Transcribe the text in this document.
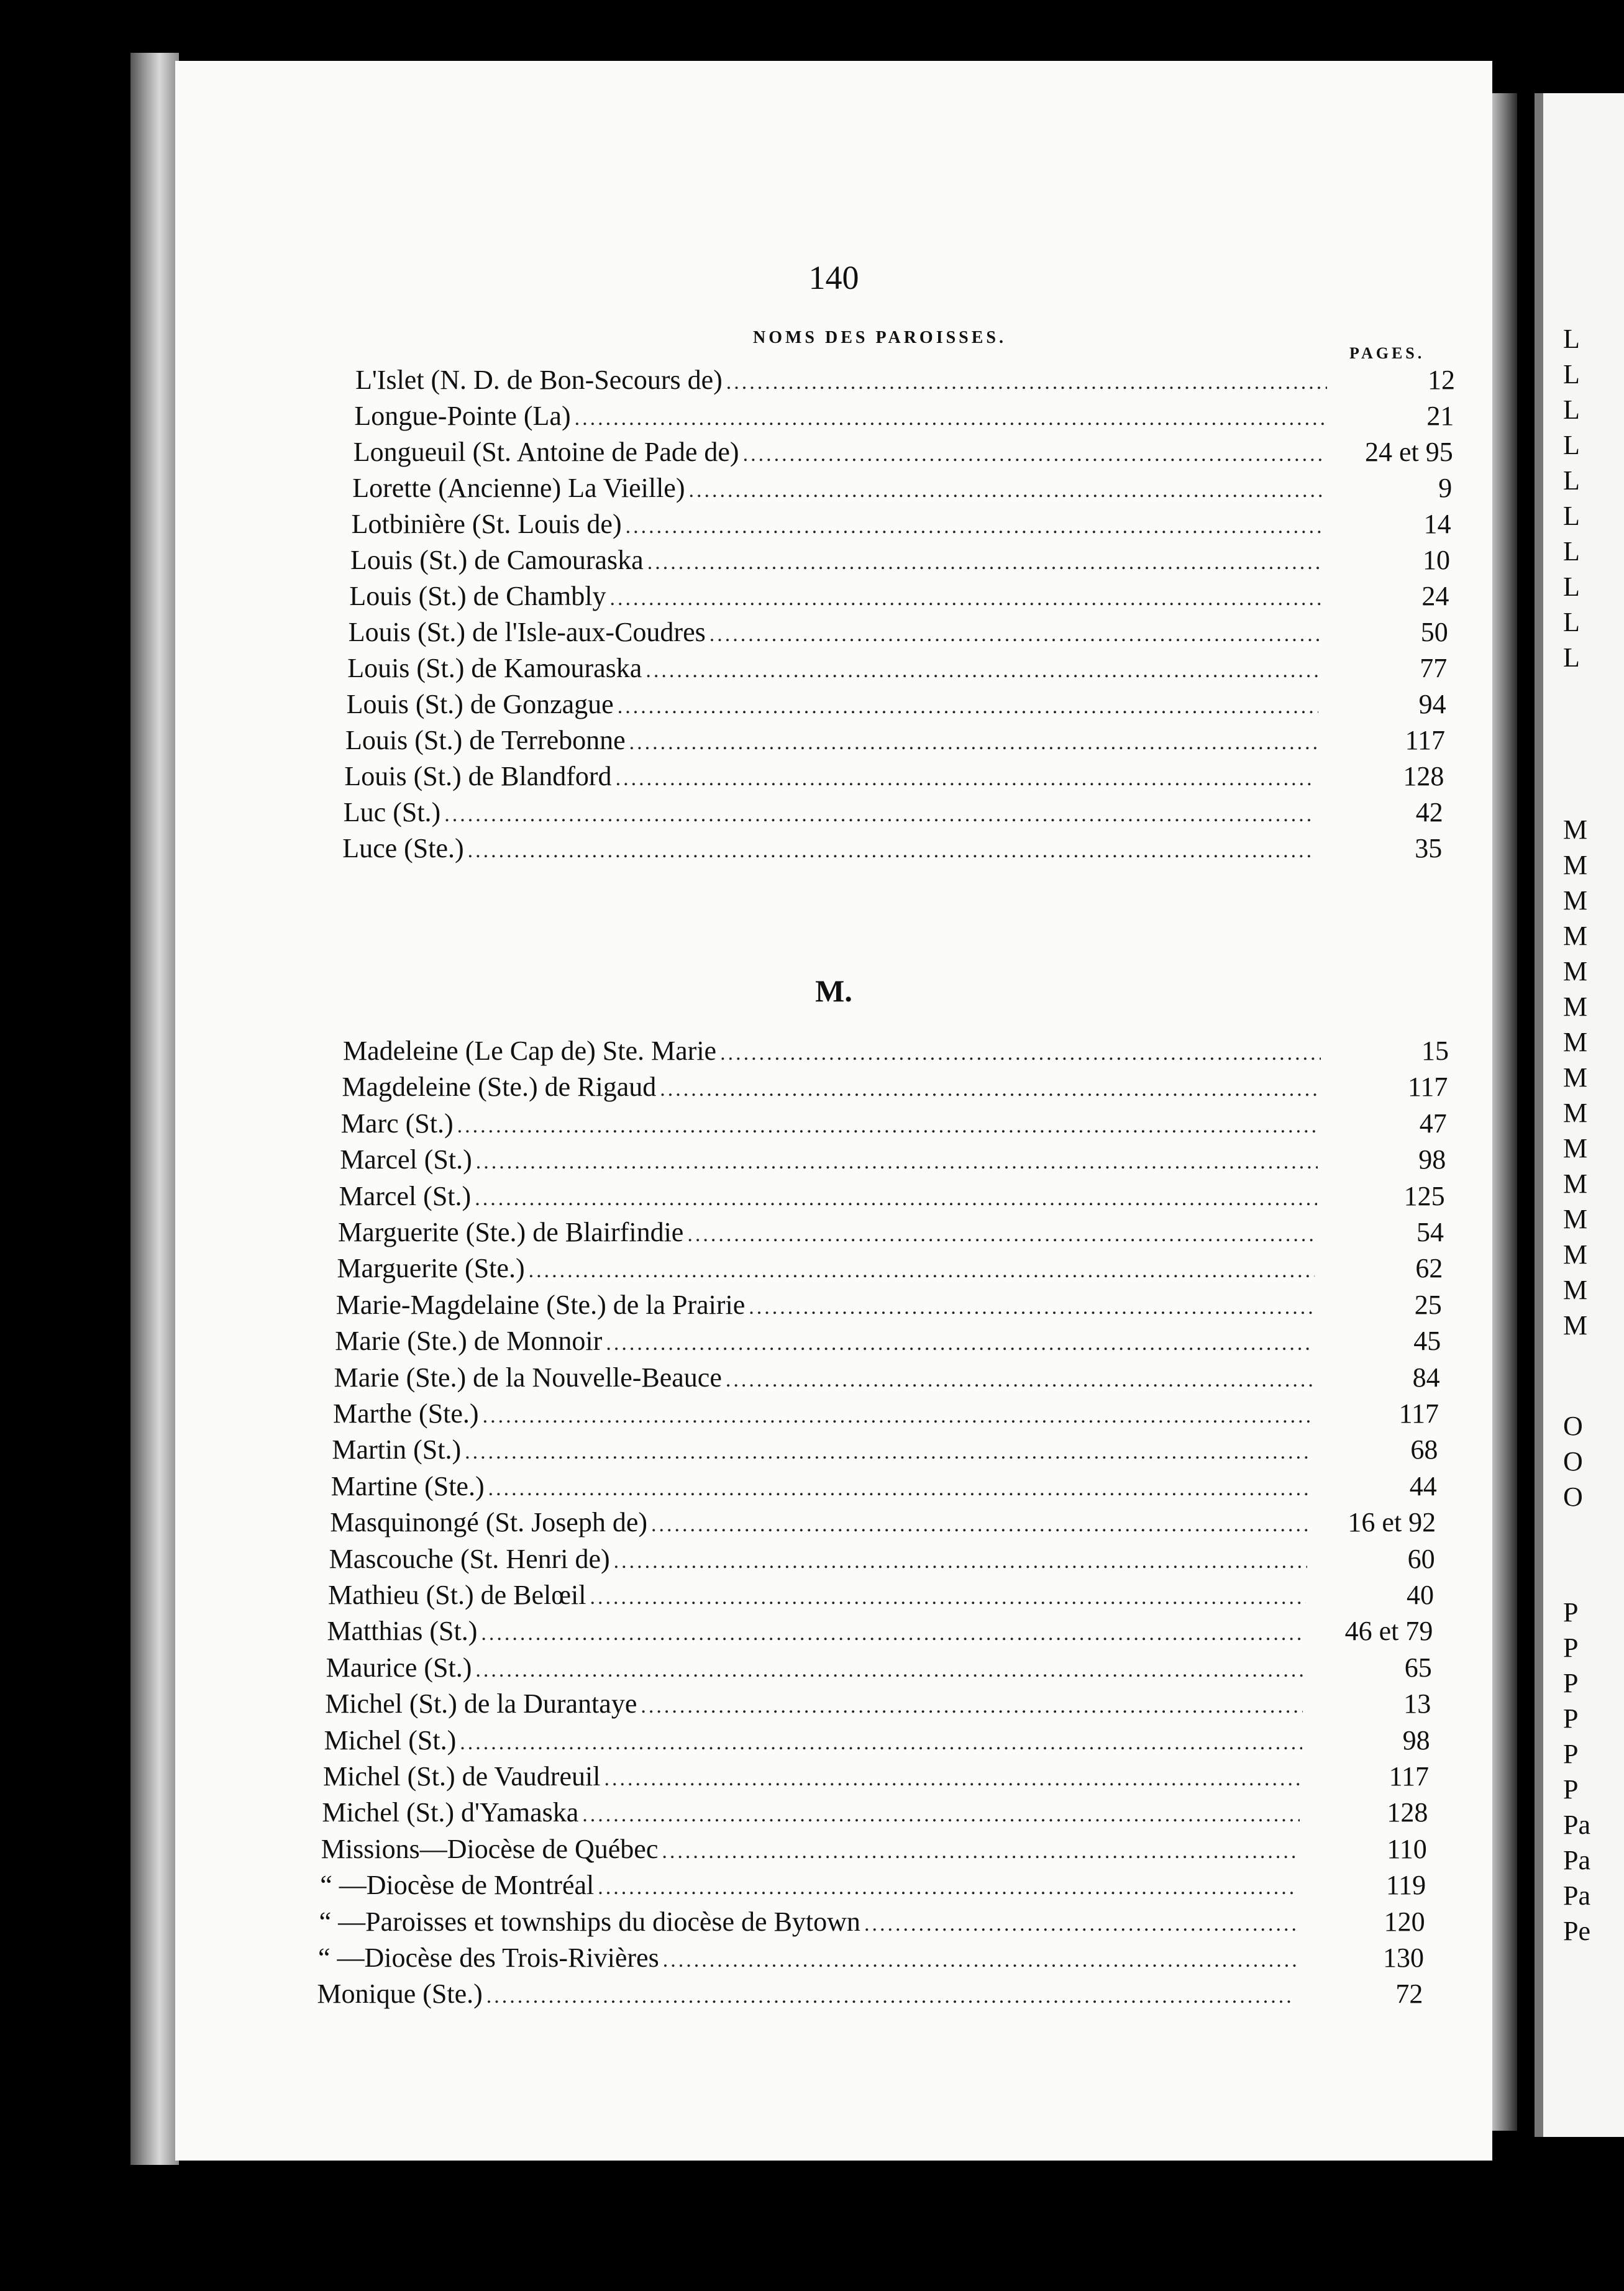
140
NOMS DES PAROISSES.
PAGES.
M.
L'Islet (N. D. de Bon-Secours de) .....	12
Longue-Pointe (La) .....	21
Longueuil (St. Antoine de Pade de) .....	24 et 95
Lorette (Ancienne) La Vieille) .....	9
Lotbinière (St. Louis de) .....	14
Louis (St.) de Camouraska .....	10
Louis (St.) de Chambly .....	24
Louis (St.) de l'Isle-aux-Coudres .....	50
Louis (St.) de Kamouraska .....	77
Louis (St.) de Gonzague .....	94
Louis (St.) de Terrebonne .....	117
Louis (St.) de Blandford .....	128
Luc (St.) .....	42
Luce (Ste.) .....	35
Madeleine (Le Cap de) Ste. Marie .....	15
Magdeleine (Ste.) de Rigaud .....	117
Marc (St.) .....	47
Marcel (St.) .....	98
Marcel (St.) .....	125
Marguerite (Ste.) de Blairfindie .....	54
Marguerite (Ste.) .....	62
Marie-Magdelaine (Ste.) de la Prairie .....	25
Marie (Ste.) de Monnoir .....	45
Marie (Ste.) de la Nouvelle-Beauce .....	84
Marthe (Ste.) .....	117
Martin (St.) .....	68
Martine (Ste.) .....	44
Masquinongé (St. Joseph de) .....	16 et 92
Mascouche (St. Henri de) .....	60
Mathieu (St.) de Belœil .....	40
Matthias (St.) .....	46 et 79
Maurice (St.) .....	65
Michel (St.) de la Durantaye .....	13
Michel (St.) .....	98
Michel (St.) de Vaudreuil .....	117
Michel (St.) d'Yamaska .....	128
Missions—Diocèse de Québec .....	110
“ —Diocèse de Montréal .....	119
“ —Paroisses et townships du diocèse de Bytown .....	120
“ —Diocèse des Trois-Rivières .....	130
Monique (Ste.) .....	72
L
L
L
L
L
L
L
L
L
L
M
M
M
M
M
M
M
M
M
M
M
M
M
M
M
O
O
O
P
P
P
P
P
P
Pa
Pa
Pa
Pe
